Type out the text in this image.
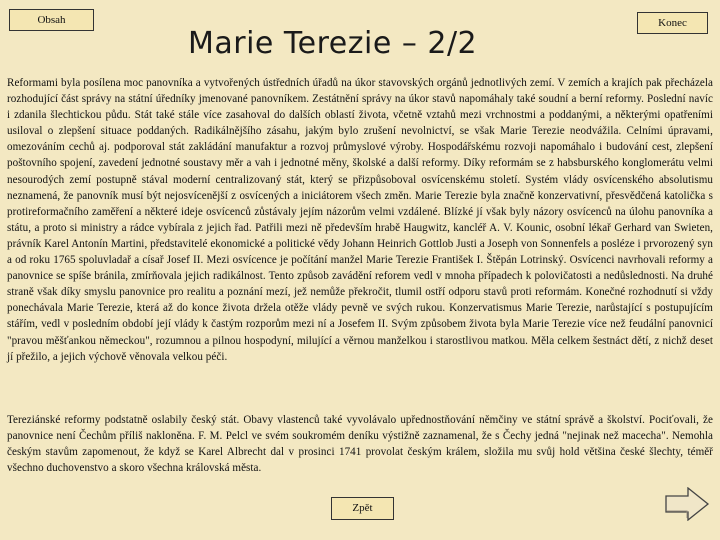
Obsah	Konec
Marie Terezie – 2/2

Reformami byla posílena moc panovníka a vytvořených ústředních úřadů na úkor stavovských orgánů jednotlivých zemí. V zemích a krajích pak přecházela rozhodující část správy na státní úředníky jmenované panovníkem. Zestátnění správy na úkor stavů napomáhaly také soudní a berní reformy. Poslední navíc i zdanila šlechtickou půdu. Stát také stále více zasahoval do dalších oblastí života, včetně vztahů mezi vrchnostmi a poddanými, a některými opatřeními usiloval o zlepšení situace poddaných. Radikálnějšího zásahu, jakým bylo zrušení nevolnictví, se však Marie Terezie neodvážila. Celními úpravami, omezováním cechů aj. podporoval stát zakládání manufaktur a rozvoj průmyslové výroby. Hospodářskému rozvoji napomáhalo i budování cest, zlepšení poštovního spojení, zavedení jednotné soustavy měr a vah i jednotné měny, školské a další reformy. Díky reformám se z habsburského konglomerátu velmi nesourodých zemí postupně stával moderní centralizovaný stát, který se přizpůsoboval osvícenskému století. Systém vlády osvícenského absolutismu neznamená, že panovník musí být nejosvícenější z osvícených a iniciátorem všech změn. Marie Terezie byla značně konzervativní, přesvědčená katolička s protireformačního zaměření a některé ideje osvícenců zůstávaly jejím názorům velmi vzdálené. Blízké jí však byly názory osvícenců na úlohu panovníka a státu, a proto si ministry a rádce vybírala z jejich řad. Patřili mezi ně především hrabě Haugwitz, kancléř A. V. Kounic, osobní lékař Gerhard van Swieten, právník Karel Antonín Martini, představitelé ekonomické a politické vědy Johann Heinrich Gottlob Justi a Joseph von Sonnenfels a posléze i prvorozený syn a od roku 1765 spoluvladař a císař Josef II. Mezi osvícence je počítání manžel Marie Terezie František I. Štěpán Lotrinský. Osvícenci navrhovali reformy a panovnice se spíše bránila, zmírňovala jejich radikálnost. Tento způsob zavádění reforem vedl v mnoha případech k polovičatosti a nedůslednosti. Na druhé straně však díky smyslu panovnice pro realitu a poznání mezí, jež nemůže překročit, tlumil ostří odporu stavů proti reformám. Konečné rozhodnutí si vždy ponechávala Marie Terezie, která až do konce života držela otěže vlády pevně ve svých rukou. Konzervatismus Marie Terezie, narůstající s postupujícím stářím, vedl v posledním období její vlády k častým rozporům mezi ní a Josefem II. Svým způsobem života byla Marie Terezie více než feudální panovnicí "pravou měšťankou německou", rozumnou a pilnou hospodyní, milující a věrnou manželkou i starostlivou matkou. Měla celkem šestnáct dětí, z nichž deset jí přežilo, a jejich výchově věnovala velkou péči.

Tereziánské reformy podstatně oslabily český stát. Obavy vlastenců také vyvolávalo upřednostňování němčiny ve státní správě a školství. Pociťovali, že panovnice není Čechům příliš nakloněna. F. M. Pelcl ve svém soukromém deníku výstižně zaznamenal, že s Čechy jedná "nejinak než macecha". Nemohla českým stavům zapomenout, že když se Karel Albrecht dal v prosinci 1741 provolat českým králem, složila mu svůj hold většina české šlechty, téměř všechno duchovenstvo a skoro všechna královská města.

Zpět
